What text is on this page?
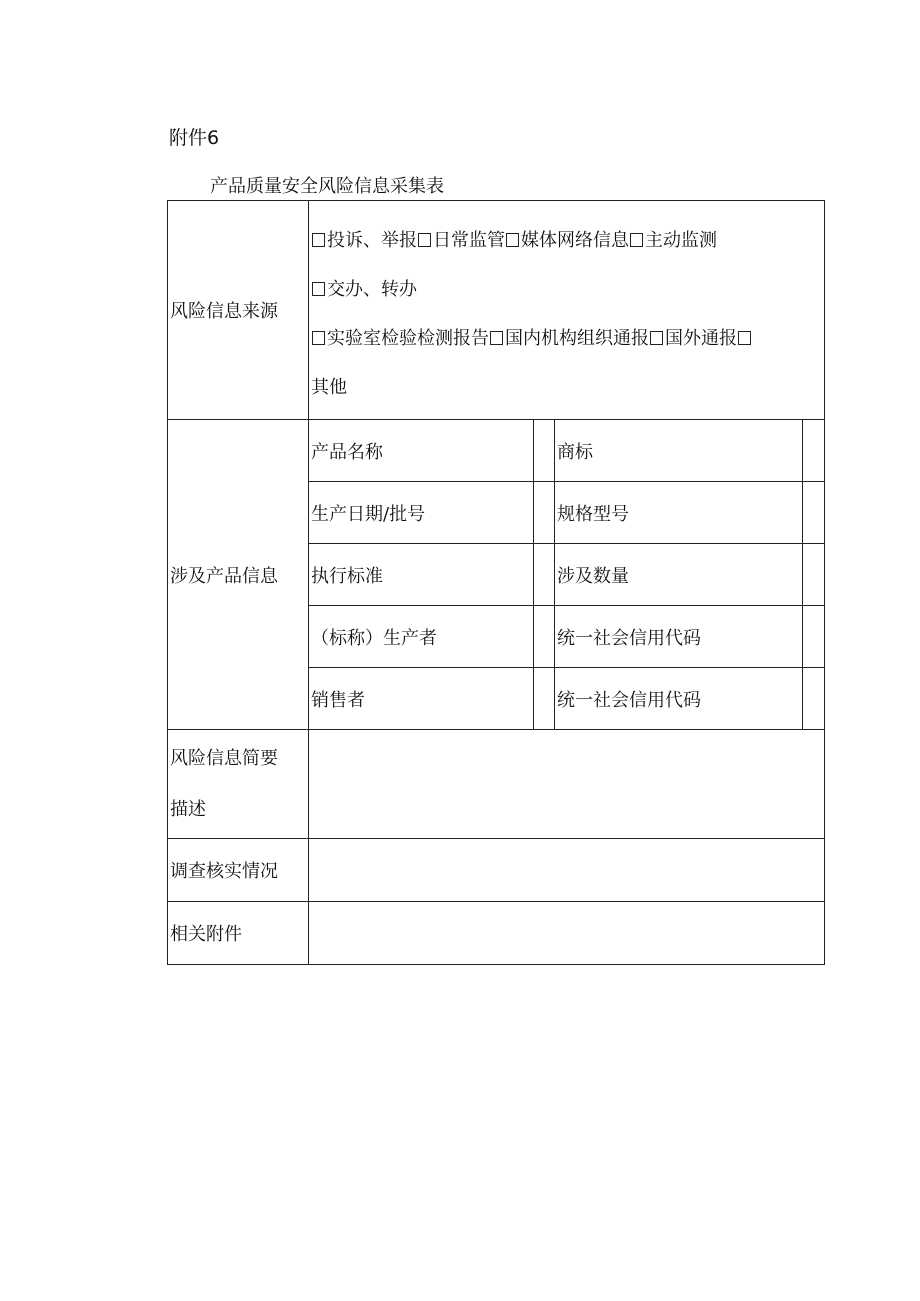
附件6
产品质量安全风险信息采集表
风险信息来源	投诉、举报 日常监管 媒体网络信息 主动监测
交办、转办
实验室检验检测报告 国内机构组织通报 国外通报
其他			

涉及产品信息	产品名称		商标	
	生产日期/批号		规格型号	
	执行标准		涉及数量	
	（标称）生产者		统一社会信用代码	
	销售者		统一社会信用代码	

风险信息简要
描述				

调查核实情况				
相关附件				
